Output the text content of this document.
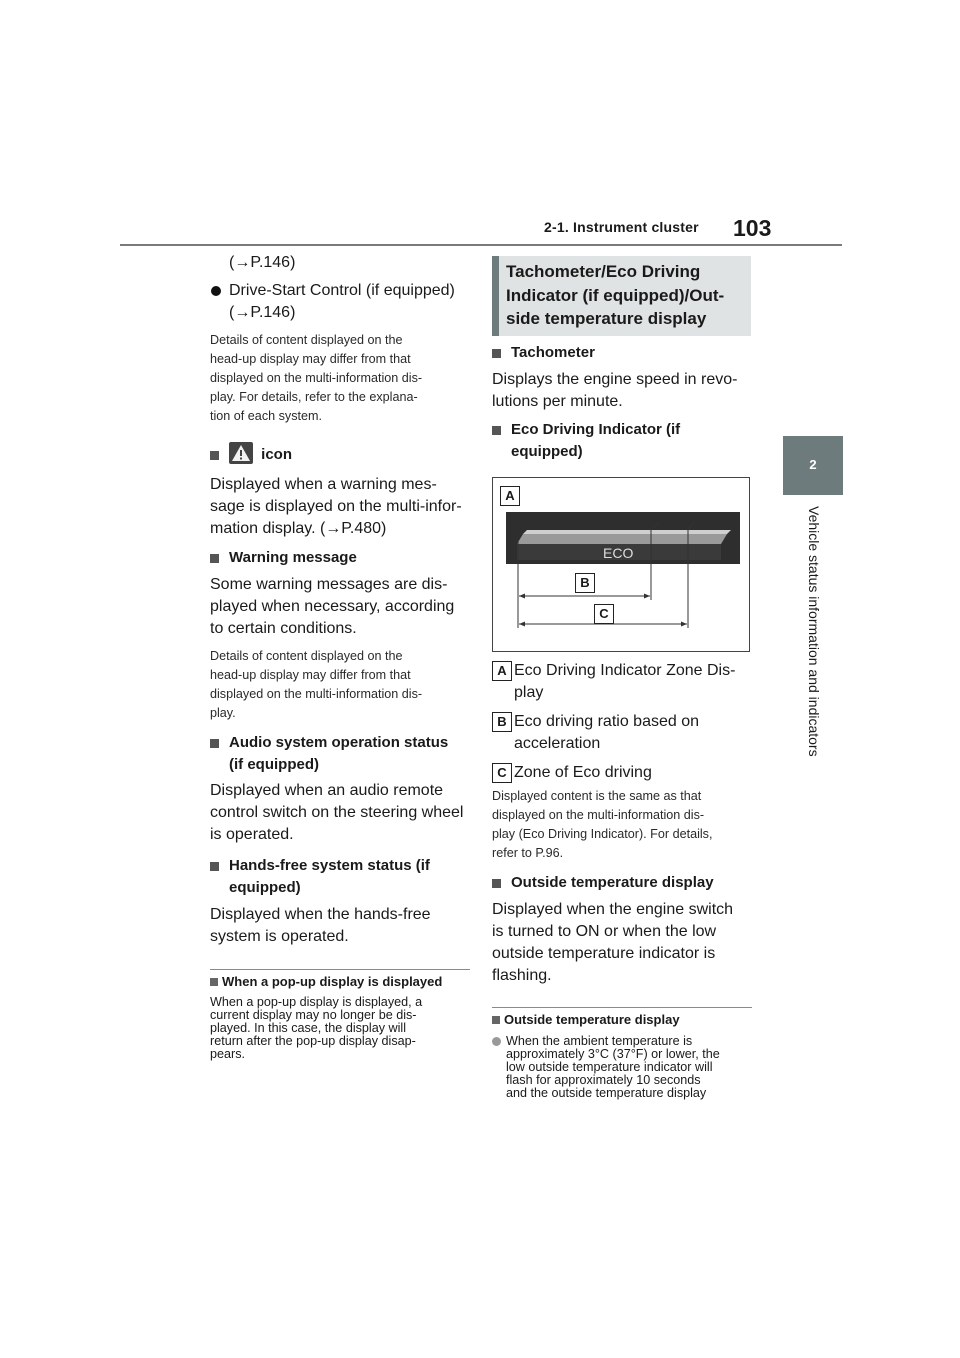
2-1. Instrument cluster 103
2
Vehicle status information and indicators
(→P.146)
Drive-Start Control (if equipped)
(→P.146)
Details of content displayed on the
head-up display may differ from that
displayed on the multi-information dis-
play. For details, refer to the explana-
tion of each system.
icon
Displayed when a warning mes-
sage is displayed on the multi-infor-
mation display. (→P.480)
Warning message
Some warning messages are dis-
played when necessary, according
to certain conditions.
Details of content displayed on the
head-up display may differ from that
displayed on the multi-information dis-
play.
Audio system operation status
(if equipped)
Displayed when an audio remote
control switch on the steering wheel
is operated.
Hands-free system status (if
equipped)
Displayed when the hands-free
system is operated.
When a pop-up display is displayed
When a pop-up display is displayed, a
current display may no longer be dis-
played. In this case, the display will
return after the pop-up display disap-
pears.
Tachometer/Eco Driving
Indicator (if equipped)/Out-
side temperature display
Tachometer
Displays the engine speed in revo-
lutions per minute.
Eco Driving Indicator (if
equipped)
A
ECO
B
C
A Eco Driving Indicator Zone Dis-
play
B Eco driving ratio based on
acceleration
C Zone of Eco driving
Displayed content is the same as that
displayed on the multi-information dis-
play (Eco Driving Indicator). For details,
refer to P.96.
Outside temperature display
Displayed when the engine switch
is turned to ON or when the low
outside temperature indicator is
flashing.
Outside temperature display
When the ambient temperature is
approximately 3°C (37°F) or lower, the
low outside temperature indicator will
flash for approximately 10 seconds
and the outside temperature display
